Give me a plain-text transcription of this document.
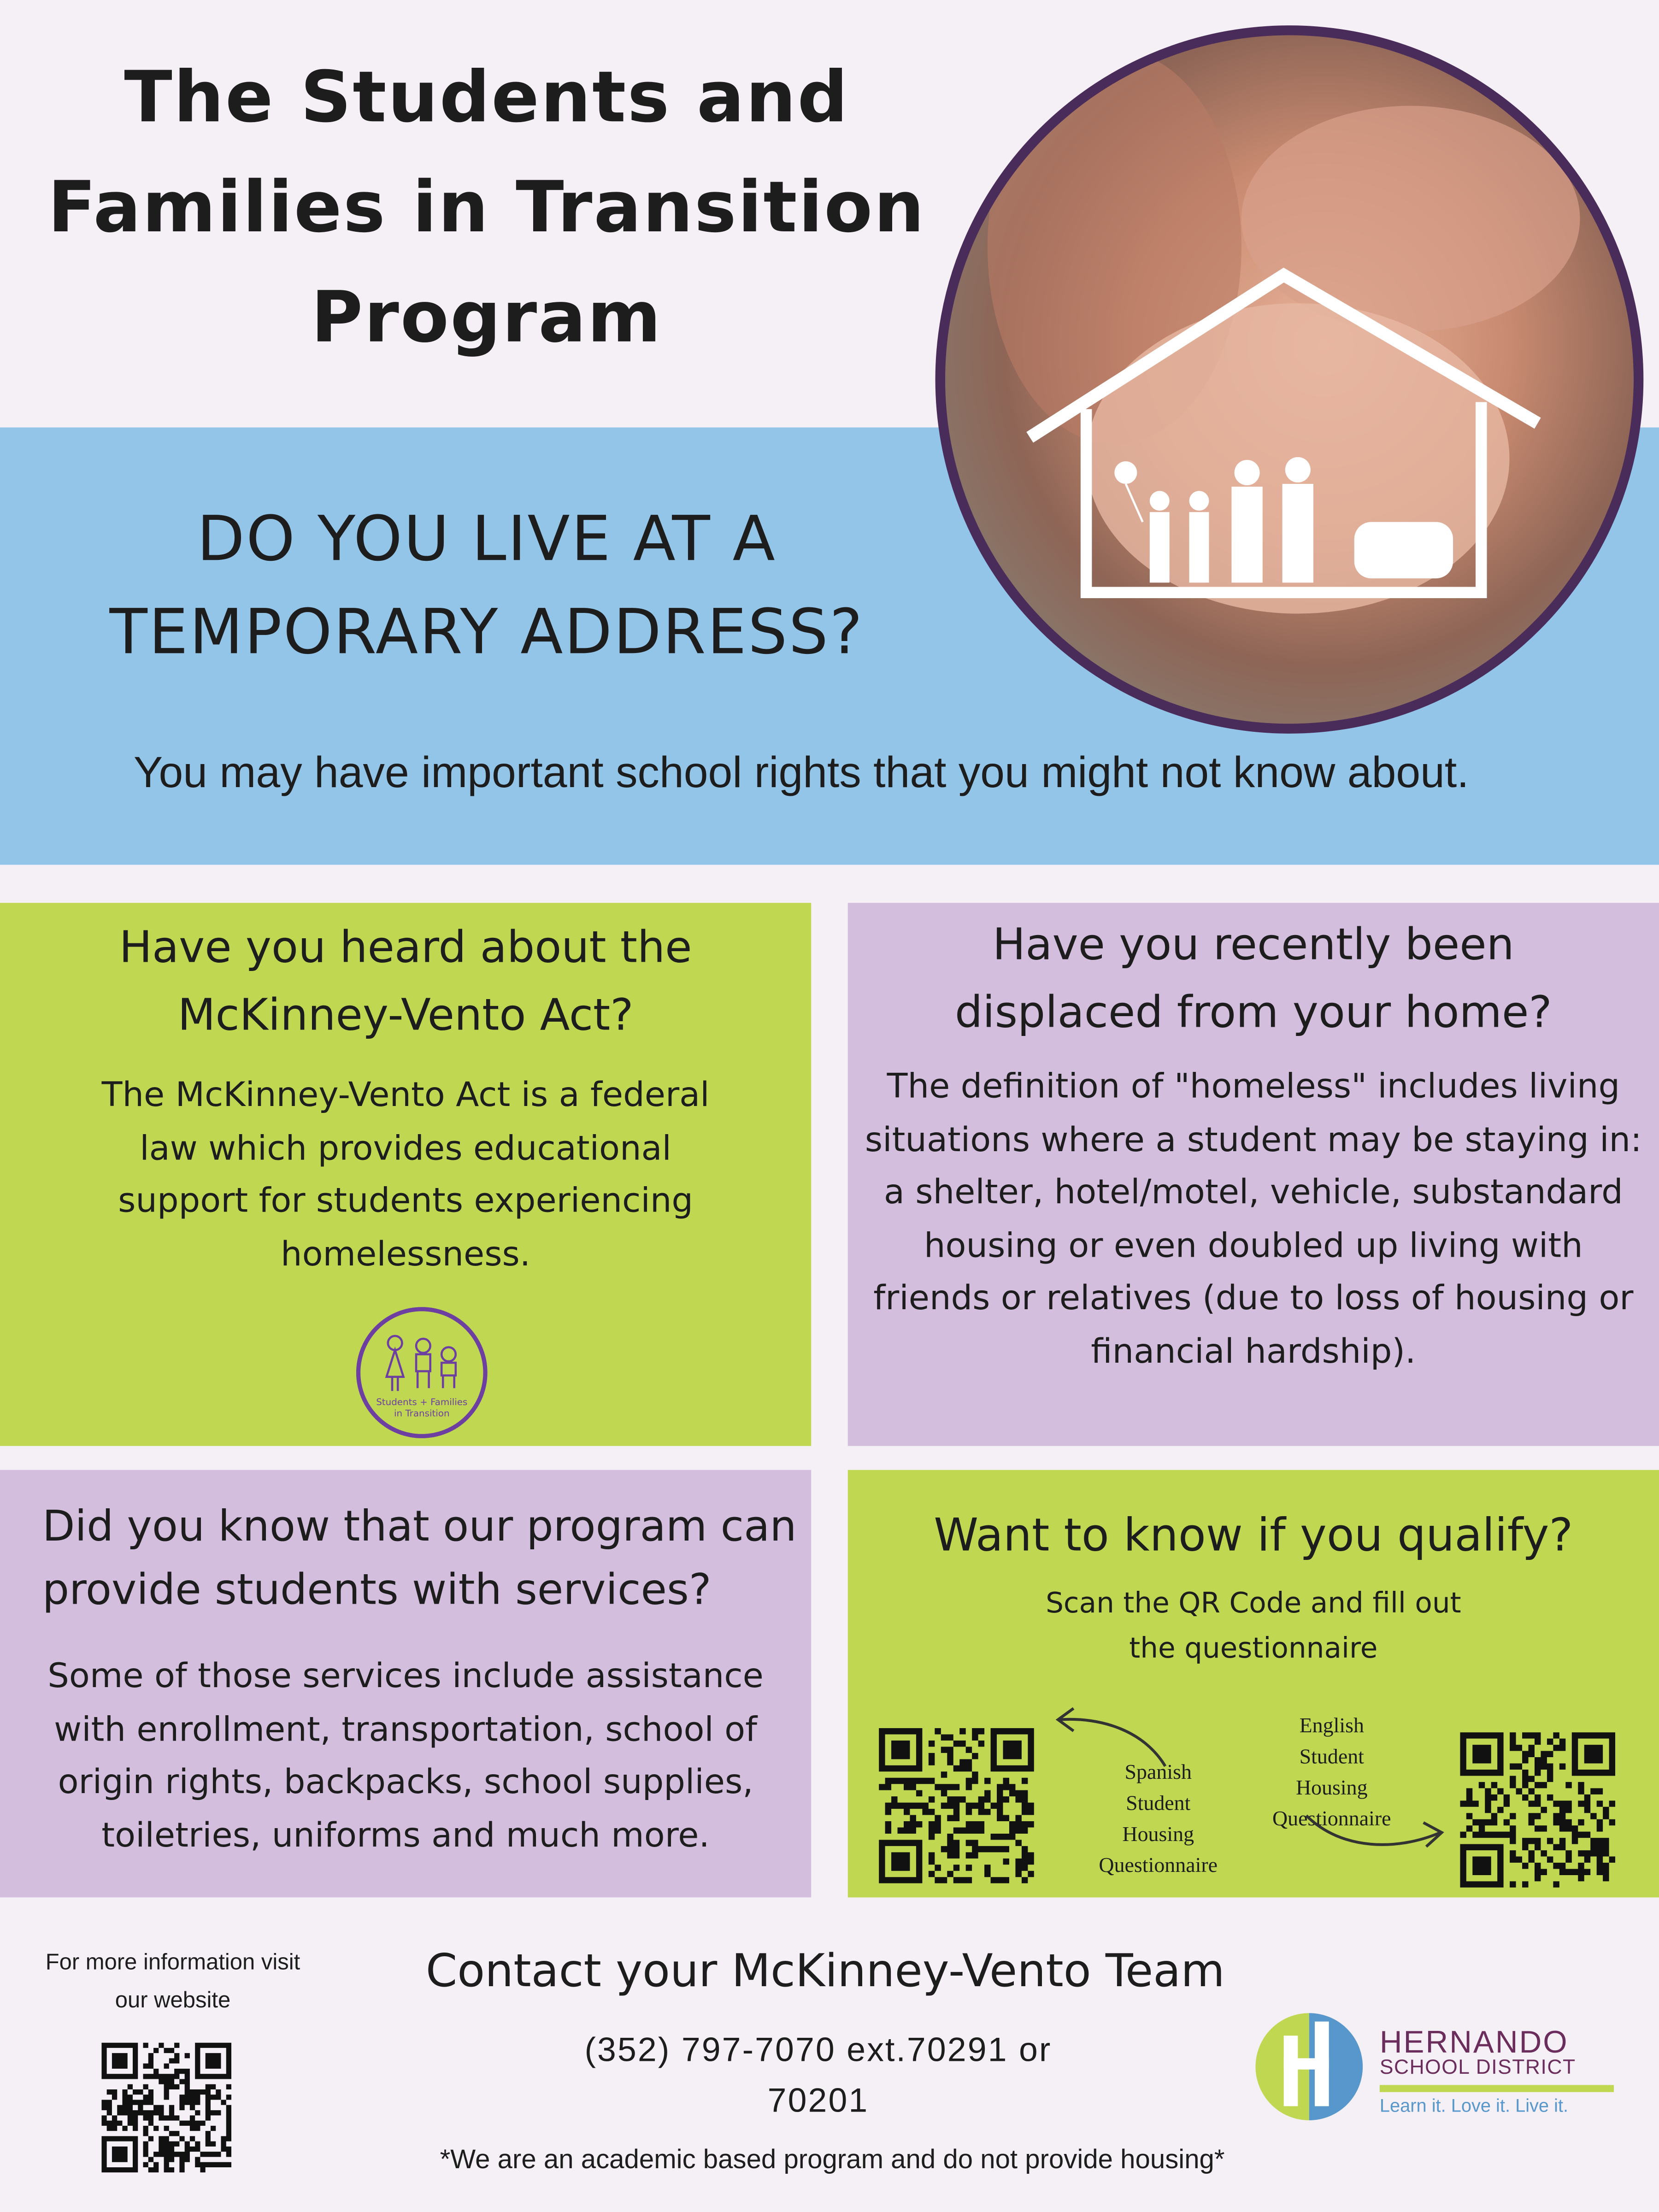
The Students and
Families in Transition
Program
DO YOU LIVE AT A
TEMPORARY ADDRESS?
You may have important school rights that you might not know about.
Have you heard about the
McKinney-Vento Act?
The McKinney-Vento Act is a federal
law which provides educational
support for students experiencing
homelessness.
Students + Families
in Transition
Have you recently been
displaced from your home?
The definition of "homeless" includes living
situations where a student may be staying in:
a shelter, hotel/motel, vehicle, substandard
housing or even doubled up living with
friends or relatives (due to loss of housing or
financial hardship).
Did you know that our program can
provide students with services?
Some of those services include assistance
with enrollment, transportation, school of
origin rights, backpacks, school supplies,
toiletries, uniforms and much more.
Want to know if you qualify?
Scan the QR Code and fill out
the questionnaire
Spanish
Student
Housing
Questionnaire
English
Student
Housing
Questionnaire
For more information visit
our website
Contact your McKinney-Vento Team
(352) 797-7070 ext.70291 or
70201
*We are an academic based program and do not provide housing*
HERNANDO
SCHOOL DISTRICT
Learn it. Love it. Live it.
